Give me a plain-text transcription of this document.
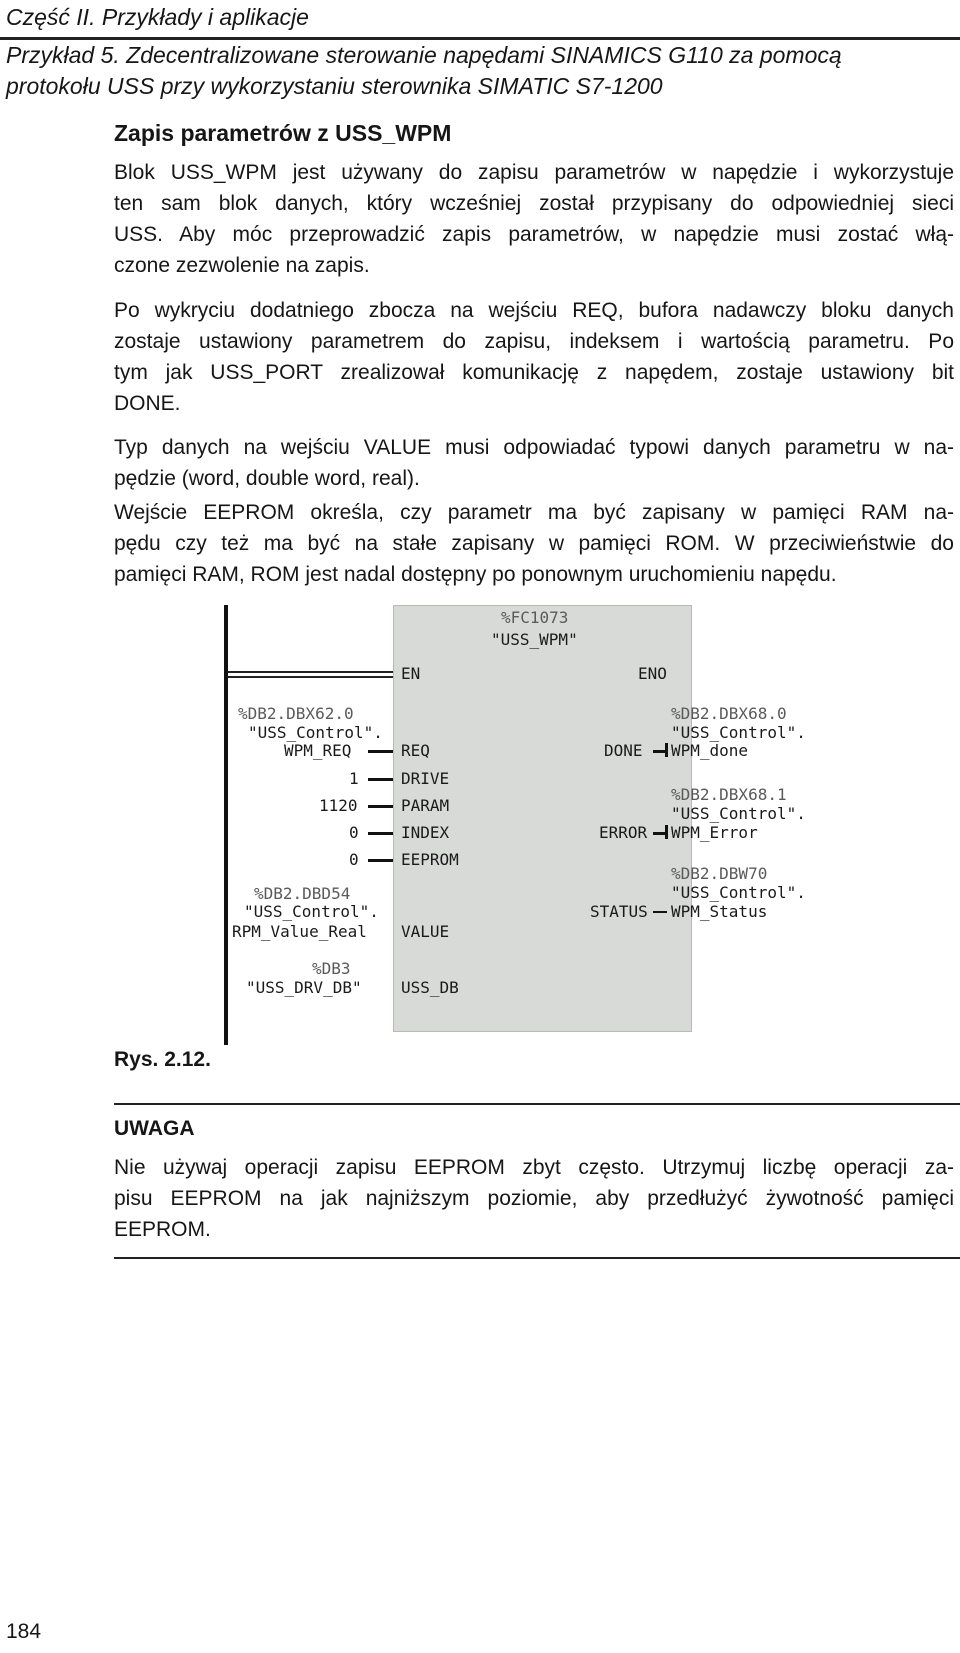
Część II. Przykłady i aplikacje
Przykład 5. Zdecentralizowane sterowanie napędami SINAMICS G110 za pomocą
protokołu USS przy wykorzystaniu sterownika SIMATIC S7-1200
Zapis parametrów z USS_WPM
Blok USS_WPM jest używany do zapisu parametrów w napędzie i wykorzystuje
ten sam blok danych, który wcześniej został przypisany do odpowiedniej sieci
USS. Aby móc przeprowadzić zapis parametrów, w napędzie musi zostać włą-
czone zezwolenie na zapis.
Po wykryciu dodatniego zbocza na wejściu REQ, bufora nadawczy bloku danych
zostaje ustawiony parametrem do zapisu, indeksem i wartością parametru. Po
tym jak USS_PORT zrealizował komunikację z napędem, zostaje ustawiony bit
DONE.
Typ danych na wejściu VALUE musi odpowiadać typowi danych parametru w na-
pędzie (word, double word, real).
Wejście EEPROM określa, czy parametr ma być zapisany w pamięci RAM na-
pędu czy też ma być na stałe zapisany w pamięci ROM. W przeciwieństwie do
pamięci RAM, ROM jest nadal dostępny po ponownym uruchomieniu napędu.
%FC1073
"USS_WPM"
EN	ENO
%DB2.DBX62.0
"USS_Control".
WPM_REQ	REQ
1	DRIVE
1120	PARAM
0	INDEX
0	EEPROM
%DB2.DBD54
"USS_Control".
RPM_Value_Real VALUE
%DB3
"USS_DRV_DB" USS_DB
%DB2.DBX68.0
"USS_Control".
DONE WPM_done
%DB2.DBX68.1
"USS_Control".
ERROR WPM_Error
%DB2.DBW70
"USS_Control".
STATUS WPM_Status
Rys. 2.12.
UWAGA
Nie używaj operacji zapisu EEPROM zbyt często. Utrzymuj liczbę operacji za-
pisu EEPROM na jak najniższym poziomie, aby przedłużyć żywotność pamięci
EEPROM.
184
